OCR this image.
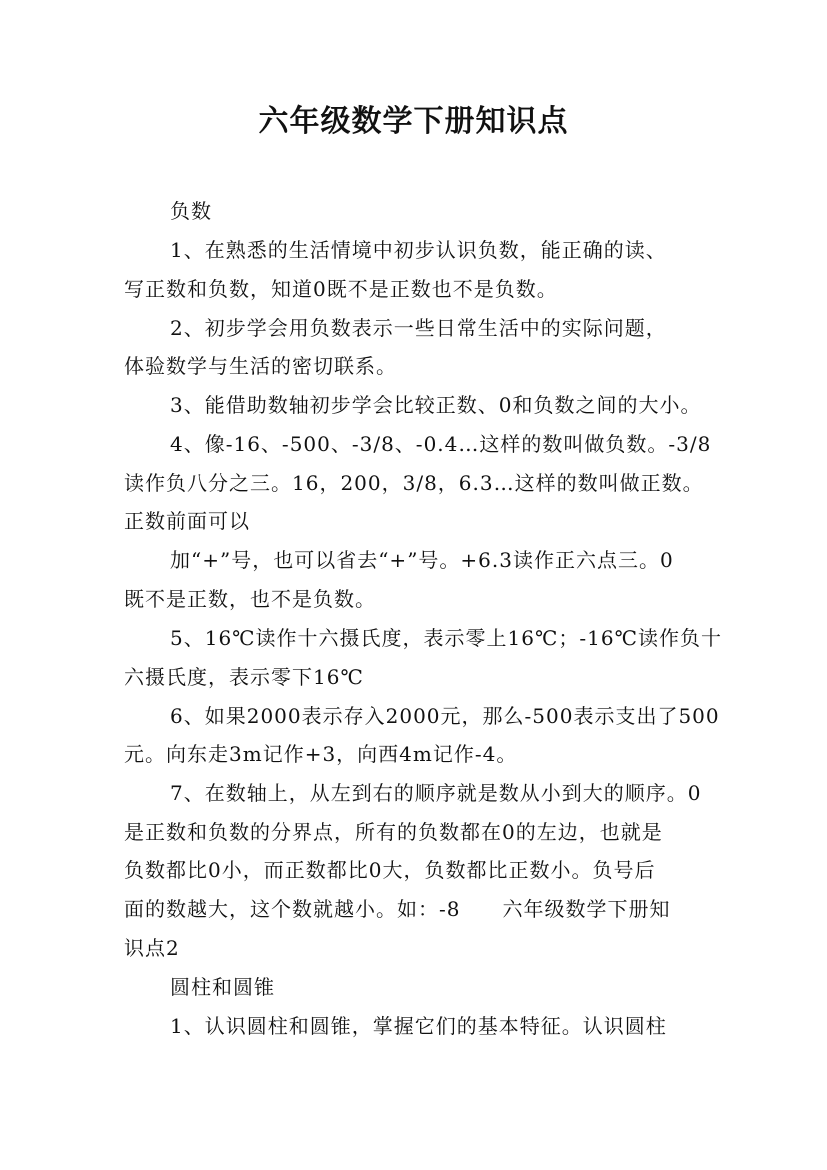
六年级数学下册知识点
负数
1、在熟悉的生活情境中初步认识负数，能正确的读、
写正数和负数，知道0既不是正数也不是负数。
2、初步学会用负数表示一些日常生活中的实际问题，
体验数学与生活的密切联系。
3、能借助数轴初步学会比较正数、0和负数之间的大小。
4、像-16、-500、-3/8、-0.4…这样的数叫做负数。-3/8
读作负八分之三。16，200，3/8，6.3…这样的数叫做正数。
正数前面可以
加“+”号，也可以省去“+”号。+6.3读作正六点三。0
既不是正数，也不是负数。
5、16℃读作十六摄氏度，表示零上16℃；-16℃读作负十
六摄氏度，表示零下16℃
6、如果2000表示存入2000元，那么-500表示支出了500
元。向东走3m记作+3，向西4m记作-4。
7、在数轴上，从左到右的顺序就是数从小到大的顺序。0
是正数和负数的分界点，所有的负数都在0的左边，也就是
负数都比0小，而正数都比0大，负数都比正数小。负号后
面的数越大，这个数就越小。如：-8　　六年级数学下册知
识点2
圆柱和圆锥
1、认识圆柱和圆锥，掌握它们的基本特征。认识圆柱
